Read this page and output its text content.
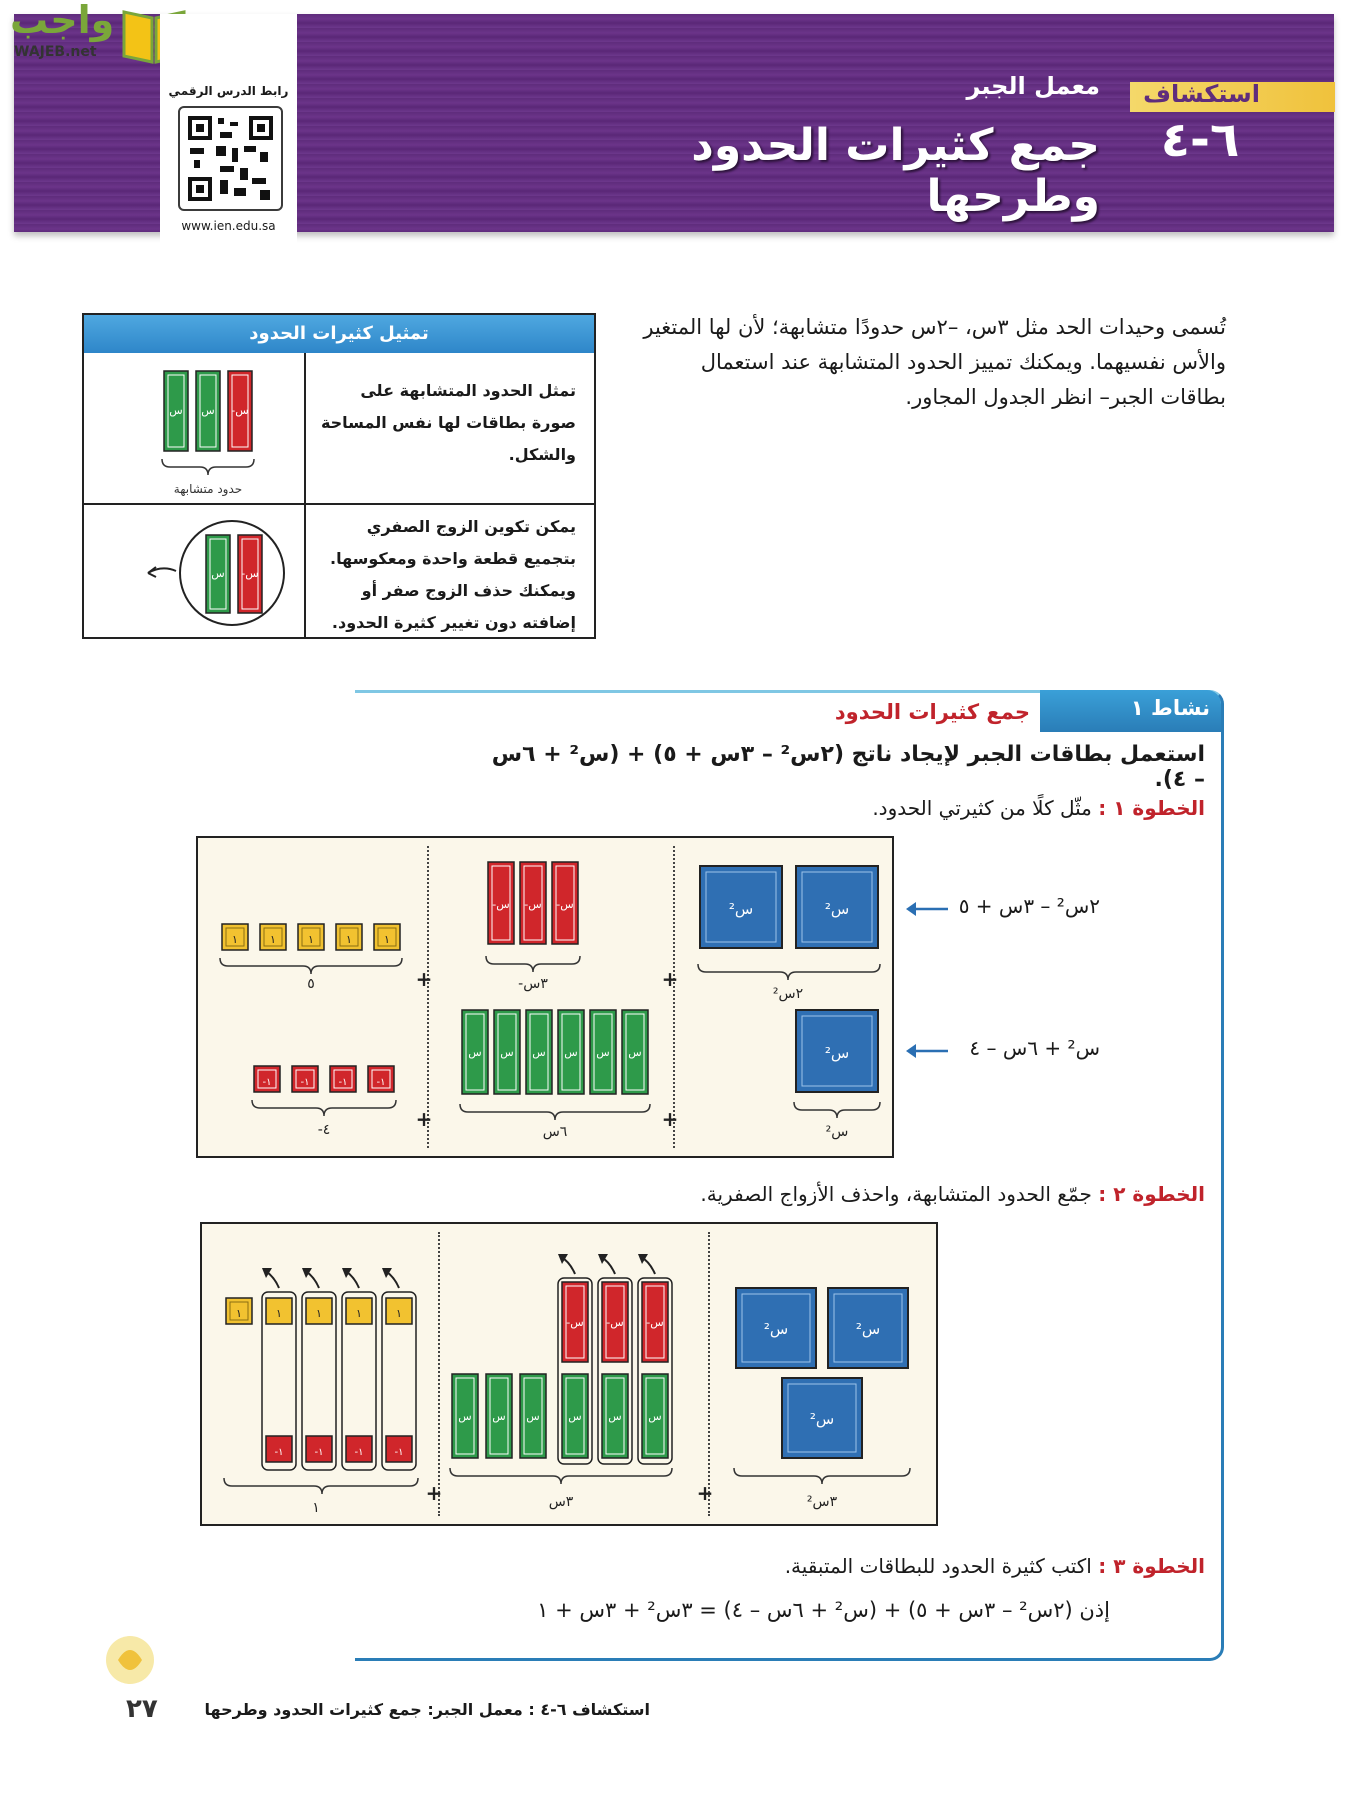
واجب
WAJEB.net
رابط الدرس الرقمي
www.ien.edu.sa
استكشاف
٦-٤
معمل الجبر
جمع كثيرات الحدود وطرحها
تُسمى وحيدات الحد مثل ٣س، –٢س حدودًا متشابهة؛ لأن لها المتغير والأس نفسيهما. ويمكنك تمييز الحدود المتشابهة عند استعمال بطاقات الجبر– انظر الجدول المجاور.
تمثيل كثيرات الحدود
تمثل الحدود المتشابهة على صورة بطاقات لها نفس المساحة والشكل.
يمكن تكوين الزوج الصفري بتجميع قطعة واحدة ومعكوسها. ويمكنك حذف الزوج صفر أو إضافته دون تغيير كثيرة الحدود.
-س
س
س
حدود متشابهة
-س
س
نشاط ١
جمع كثيرات الحدود
استعمل بطاقات الجبر لإيجاد ناتج (٢س² – ٣س + ٥) + (س² + ٦س – ٤).
الخطوة ١ : مثّل كلًا من كثيرتي الحدود.
س²	س²
٢س²
-س
-س
-س
-٣س
١	١	١	١	١
٥	+	+
س²
س²
س
س
س
س
س
س
٦س
-١	-١	-١	-١
-٤	+	+
٢س² – ٣س + ٥
س² + ٦س – ٤
الخطوة ٢ : جمّع الحدود المتشابهة، واحذف الأزواج الصفرية.
س²	س²
س²
٣س²
-س
س
-س
س
-س
س
س س س
٣س
١	١
-١
١
-١
١
-١
١
-١
١
+	+
الخطوة ٣ : اكتب كثيرة الحدود للبطاقات المتبقية.
إذن (٢س² – ٣س + ٥) + (س² + ٦س – ٤) = ٣س² + ٣س + ١
استكشاف ٦-٤ : معمل الجبر: جمع كثيرات الحدود وطرحها
٢٧
